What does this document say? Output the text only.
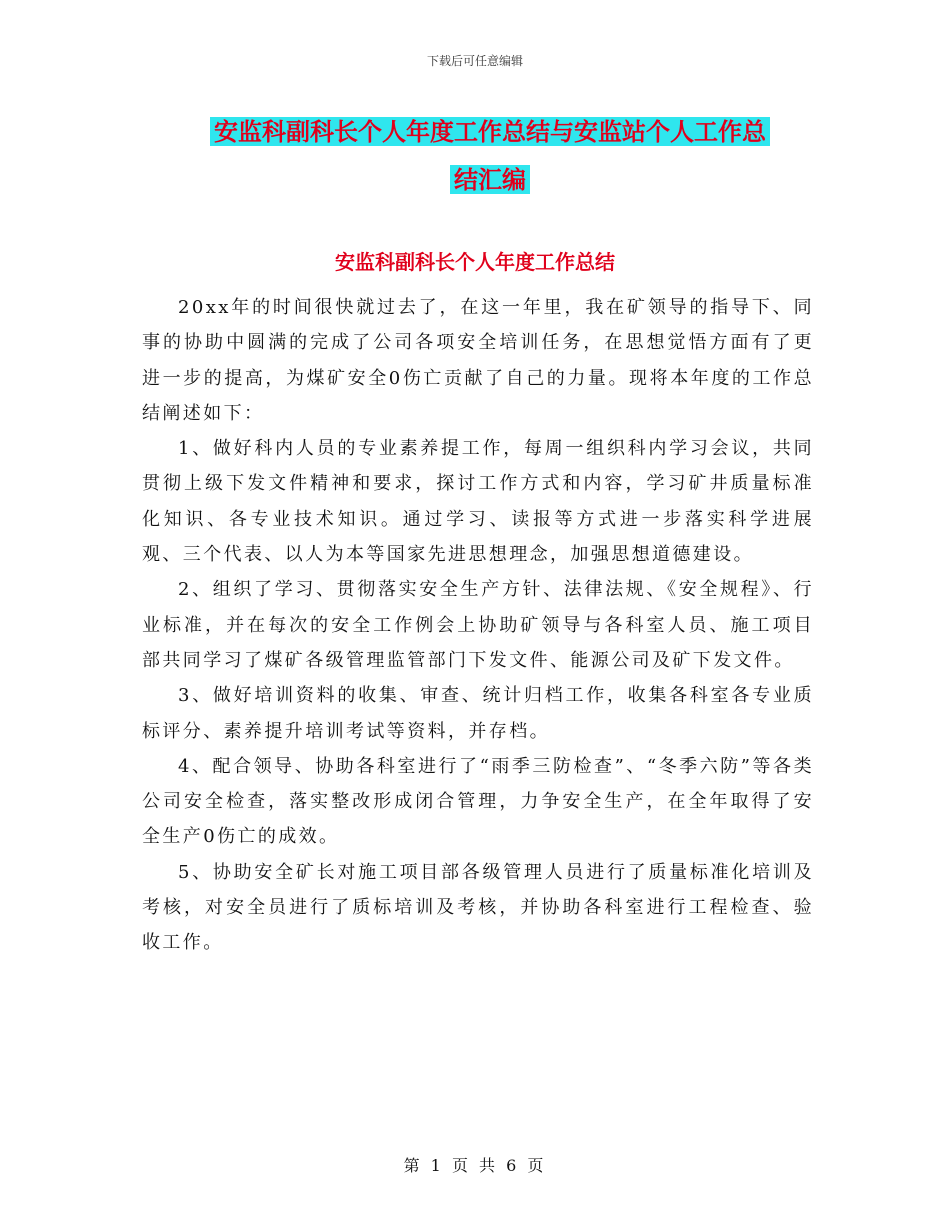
下载后可任意编辑
安监科副科长个人年度工作总结与安监站个人工作总
结汇编
安监科副科长个人年度工作总结

20xx年的时间很快就过去了，在这一年里，我在矿领导的指导下、同事的协助中圆满的完成了公司各项安全培训任务，在思想觉悟方面有了更进一步的提高，为煤矿安全0伤亡贡献了自己的力量。现将本年度的工作总结阐述如下：

1、做好科内人员的专业素养提工作，每周一组织科内学习会议，共同贯彻上级下发文件精神和要求，探讨工作方式和内容，学习矿井质量标准化知识、各专业技术知识。通过学习、读报等方式进一步落实科学进展观、三个代表、以人为本等国家先进思想理念，加强思想道德建设。

2、组织了学习、贯彻落实安全生产方针、法律法规、《安全规程》、行业标准，并在每次的安全工作例会上协助矿领导与各科室人员、施工项目部共同学习了煤矿各级管理监管部门下发文件、能源公司及矿下发文件。

3、做好培训资料的收集、审查、统计归档工作，收集各科室各专业质标评分、素养提升培训考试等资料，并存档。

4、配合领导、协助各科室进行了“雨季三防检查”、“冬季六防”等各类公司安全检查，落实整改形成闭合管理，力争安全生产，在全年取得了安全生产0伤亡的成效。

5、协助安全矿长对施工项目部各级管理人员进行了质量标准化培训及考核，对安全员进行了质标培训及考核，并协助各科室进行工程检查、验收工作。

第 1 页 共 6 页
